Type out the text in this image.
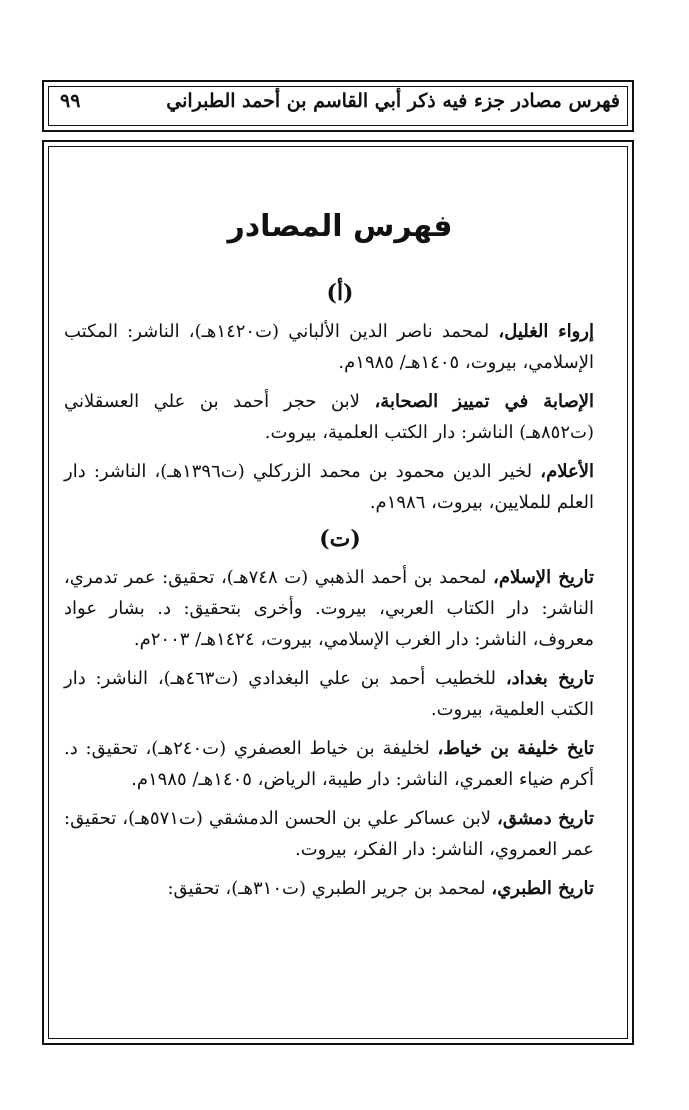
فهرس مصادر جزء فيه ذكر أبي القاسم بن أحمد الطبراني
٩٩
فهرس المصادر
(أ)

إرواء الغليل، لمحمد ناصر الدين الألباني (ت١٤٢٠هـ)، الناشر: المكتب الإسلامي، بيروت، ١٤٠٥هـ/ ١٩٨٥م.

الإصابة في تمييز الصحابة، لابن حجر أحمد بن علي العسقلاني (ت٨٥٢هـ) الناشر: دار الكتب العلمية، بيروت.

الأعلام، لخير الدين محمود بن محمد الزركلي (ت١٣٩٦هـ)، الناشر: دار العلم للملايين، بيروت، ١٩٨٦م.

(ت)

تاريخ الإسلام، لمحمد بن أحمد الذهبي (ت ٧٤٨هـ)، تحقيق: عمر تدمري، الناشر: دار الكتاب العربي، بيروت. وأخرى بتحقيق: د. بشار عواد معروف، الناشر: دار الغرب الإسلامي، بيروت، ١٤٢٤هـ/ ٢٠٠٣م.

تاريخ بغداد، للخطيب أحمد بن علي البغدادي (ت٤٦٣هـ)، الناشر: دار الكتب العلمية، بيروت.

تايخ خليفة بن خياط، لخليفة بن خياط العصفري (ت٢٤٠هـ)، تحقيق: د. أكرم ضياء العمري، الناشر: دار طيبة، الرياض، ١٤٠٥هـ/ ١٩٨٥م.

تاريخ دمشق، لابن عساكر علي بن الحسن الدمشقي (ت٥٧١هـ)، تحقيق: عمر العمروي، الناشر: دار الفكر، بيروت.

تاريخ الطبري، لمحمد بن جرير الطبري (ت٣١٠هـ)، تحقيق:
